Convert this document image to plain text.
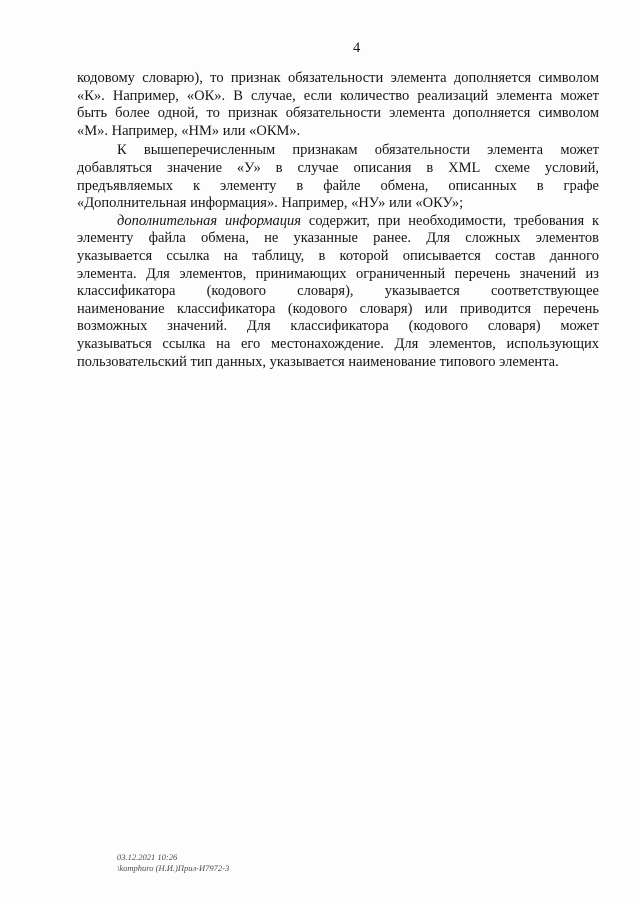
4

кодовому словарю), то признак обязательности элемента дополняется символом
«К». Например, «ОК». В случае, если количество реализаций элемента может
быть более одной, то признак обязательности элемента дополняется символом
«М». Например, «НМ» или «ОКМ».

К вышеперечисленным признакам обязательности элемента может
добавляться значение «У» в случае описания в XML схеме условий,
предъявляемых к элементу в файле обмена, описанных в графе
«Дополнительная информация». Например, «НУ» или «ОКУ»;

дополнительная информация содержит, при необходимости, требования к
элементу файла обмена, не указанные ранее. Для сложных элементов
указывается ссылка на таблицу, в которой описывается состав данного
элемента. Для элементов, принимающих ограниченный перечень значений из
классификатора (кодового словаря), указывается соответствующее
наименование классификатора (кодового словаря) или приводится перечень
возможных значений. Для классификатора (кодового словаря) может
указываться ссылка на его местонахождение. Для элементов, использующих
пользовательский тип данных, указывается наименование типового элемента.

03.12.2021 10:26
\komphuro (Н.И.)Прил-И7972-3
